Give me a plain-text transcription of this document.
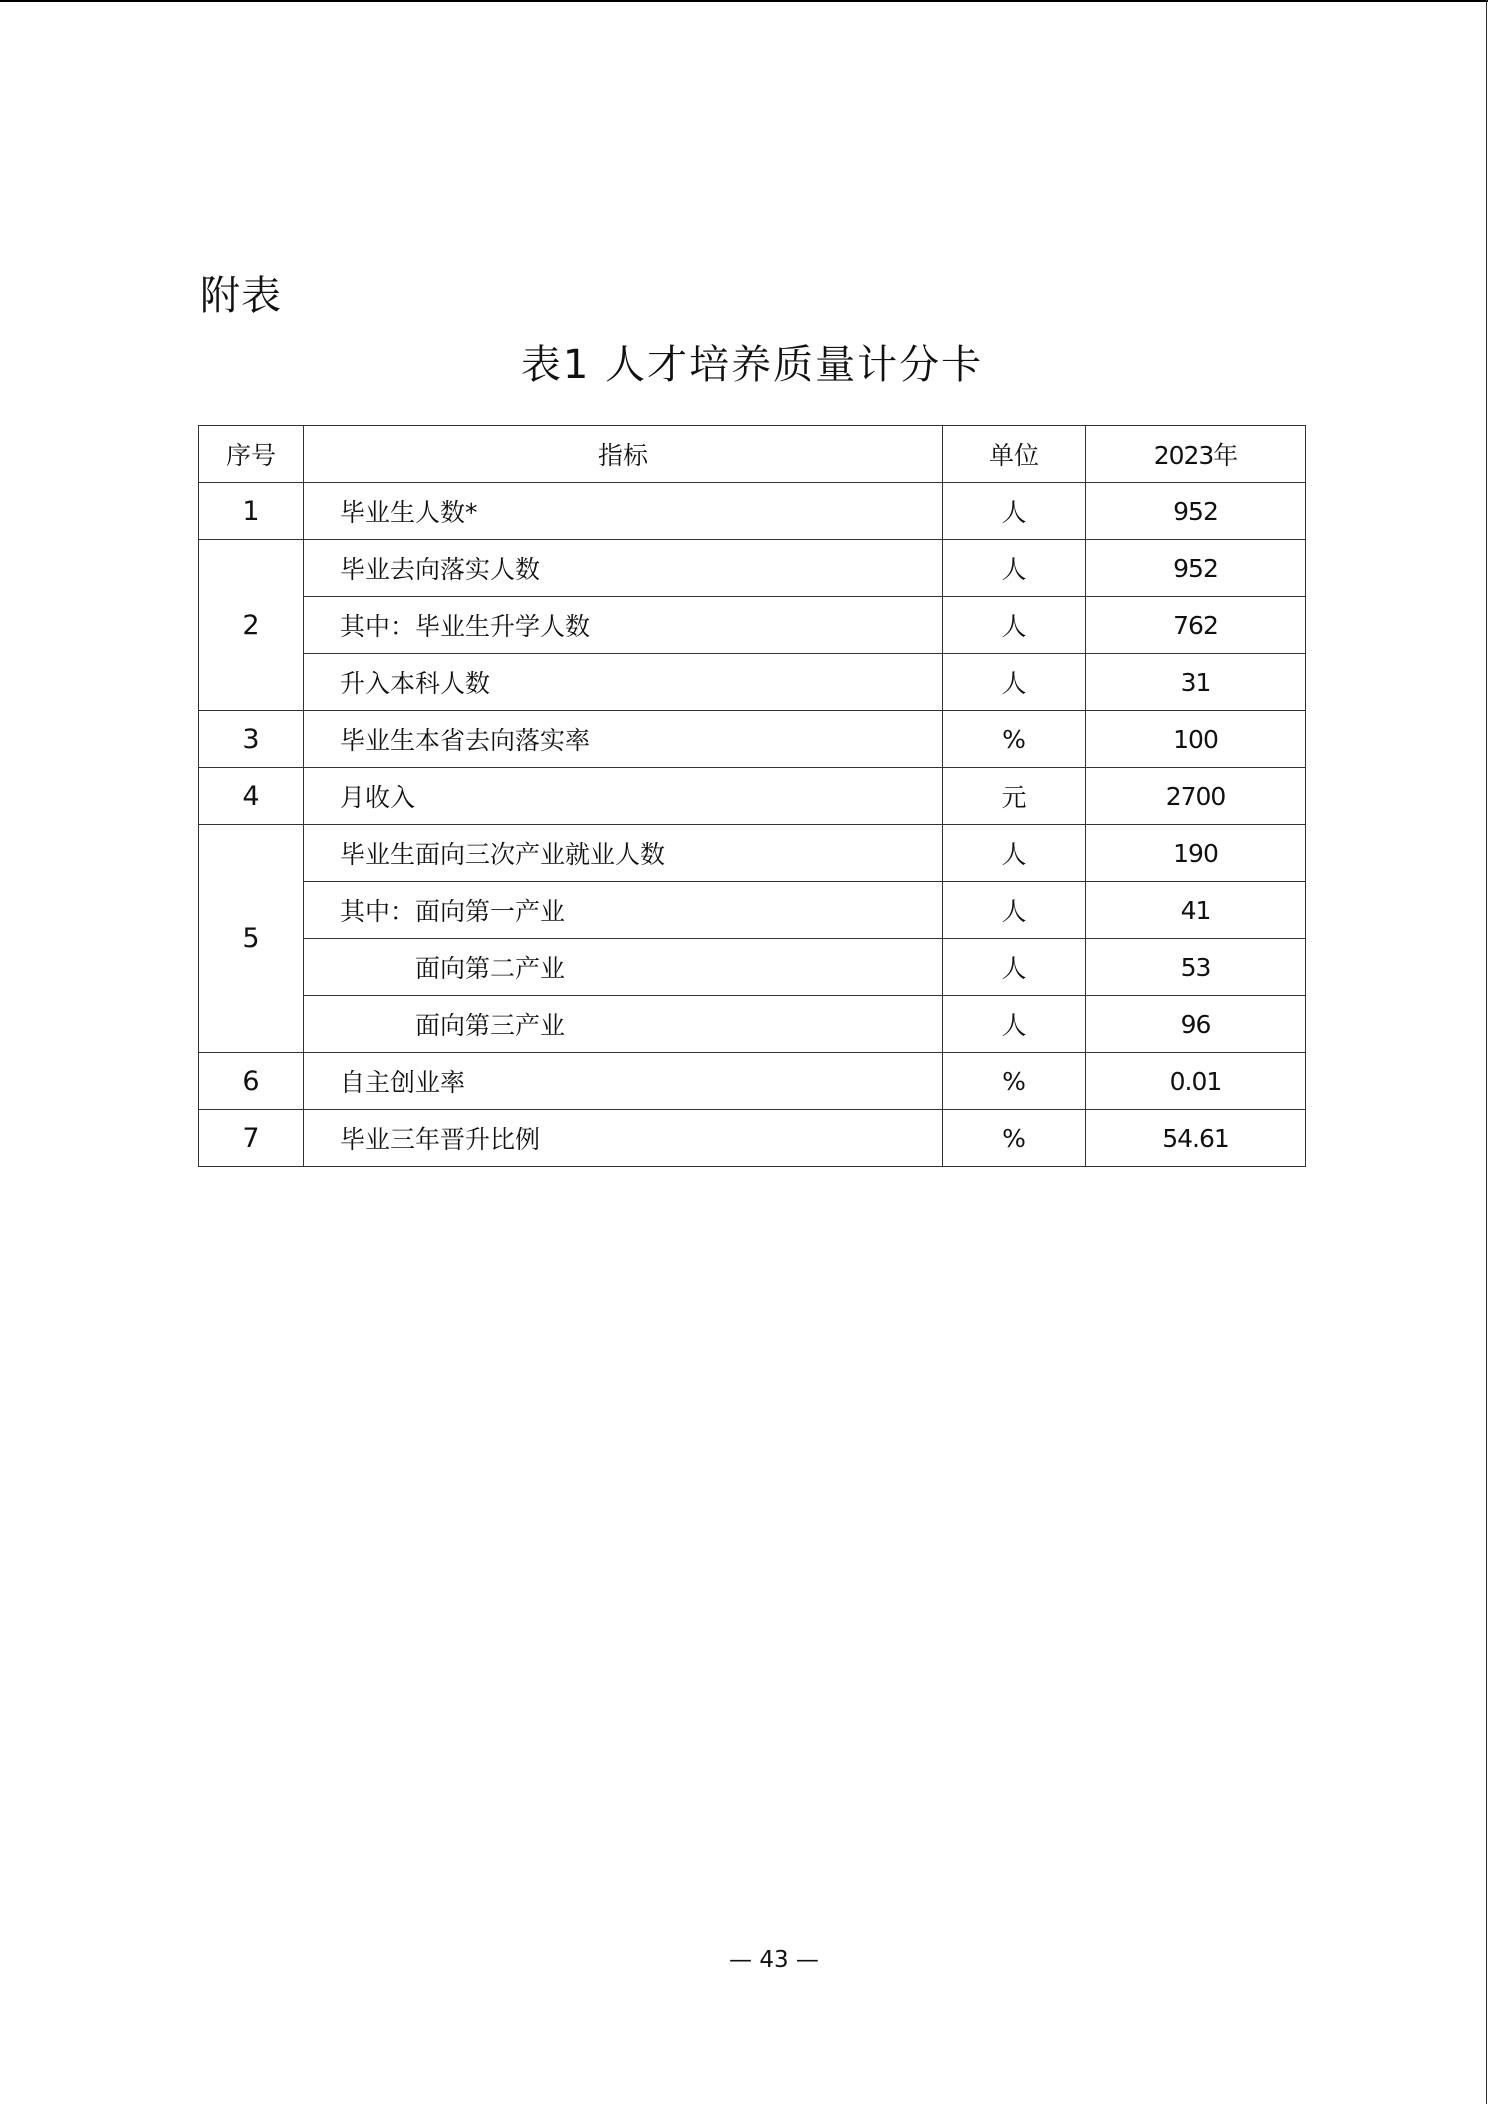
附表
表1 人才培养质量计分卡
序号	指标	单位	2023年
1	毕业生人数*	人	952
2	毕业去向落实人数	人	952
	其中：毕业生升学人数	人	762
	升入本科人数	人	31
3	毕业生本省去向落实率	%	100
4	月收入	元	2700
5	毕业生面向三次产业就业人数	人	190
	其中：面向第一产业	人	41
	面向第二产业	人	53
	面向第三产业	人	96
6	自主创业率	%	0.01
7	毕业三年晋升比例	%	54.61
— 43 —
